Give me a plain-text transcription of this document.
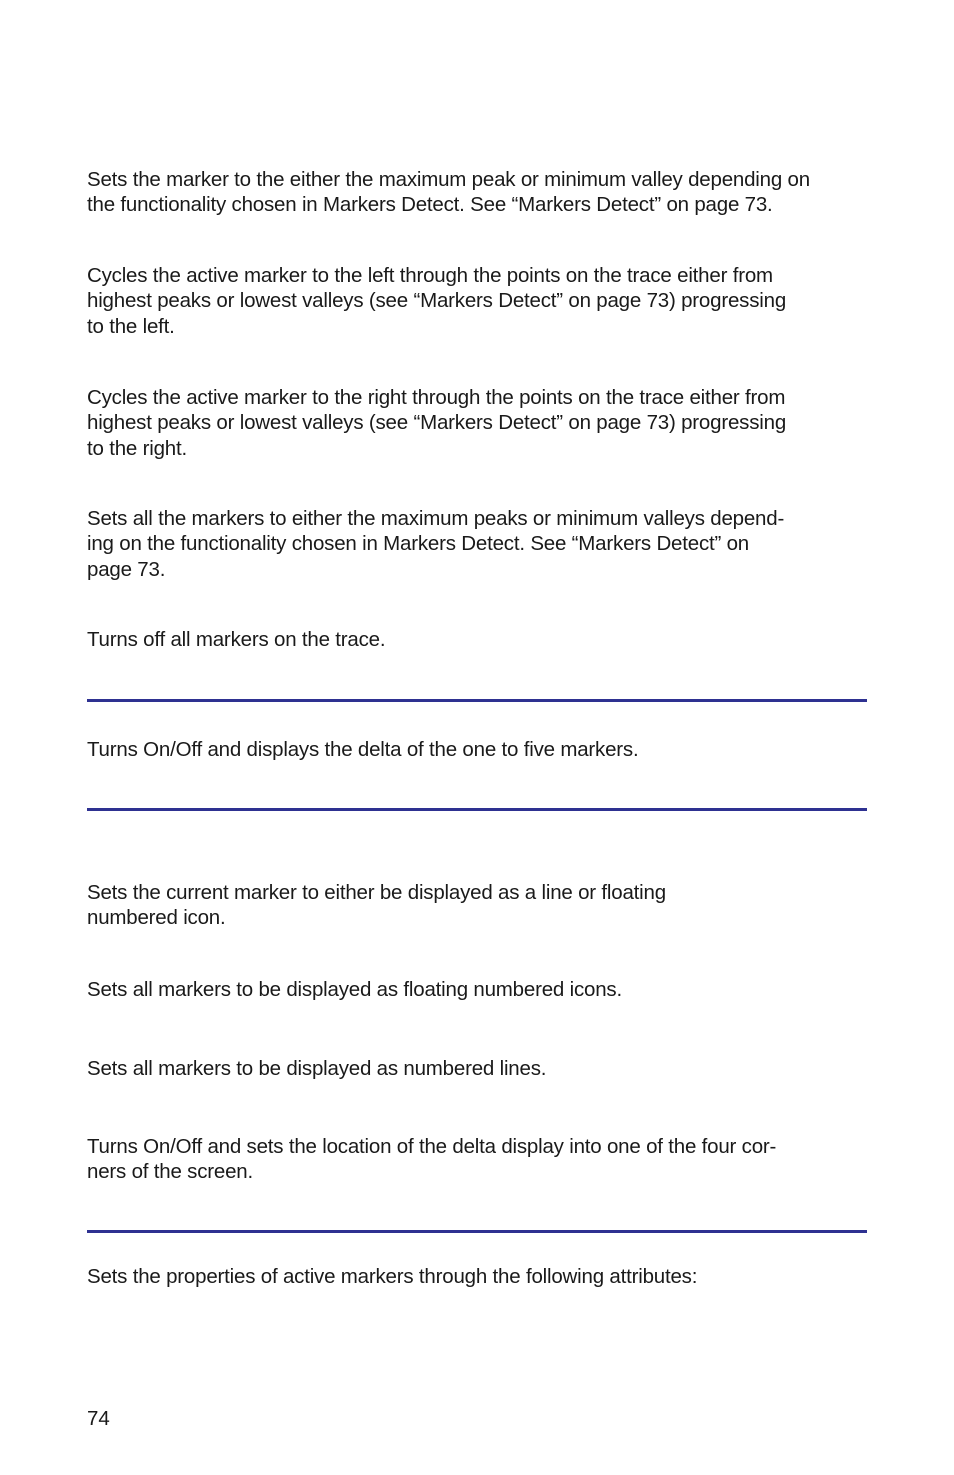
Sets the marker to the either the maximum peak or minimum valley depending on
the functionality chosen in Markers Detect. See “Markers Detect” on page 73.

Cycles the active marker to the left through the points on the trace either from
highest peaks or lowest valleys (see “Markers Detect” on page 73) progressing
to the left.

Cycles the active marker to the right through the points on the trace either from
highest peaks or lowest valleys (see “Markers Detect” on page 73) progressing
to the right.

Sets all the markers to either the maximum peaks or minimum valleys depend-
ing on the functionality chosen in Markers Detect. See “Markers Detect” on
page 73.

Turns off all markers on the trace.

Turns On/Off and displays the delta of the one to five markers.

Sets the current marker to either be displayed as a line or floating
numbered icon.

Sets all markers to be displayed as floating numbered icons.

Sets all markers to be displayed as numbered lines.

Turns On/Off and sets the location of the delta display into one of the four cor-
ners of the screen.

Sets the properties of active markers through the following attributes:

74
